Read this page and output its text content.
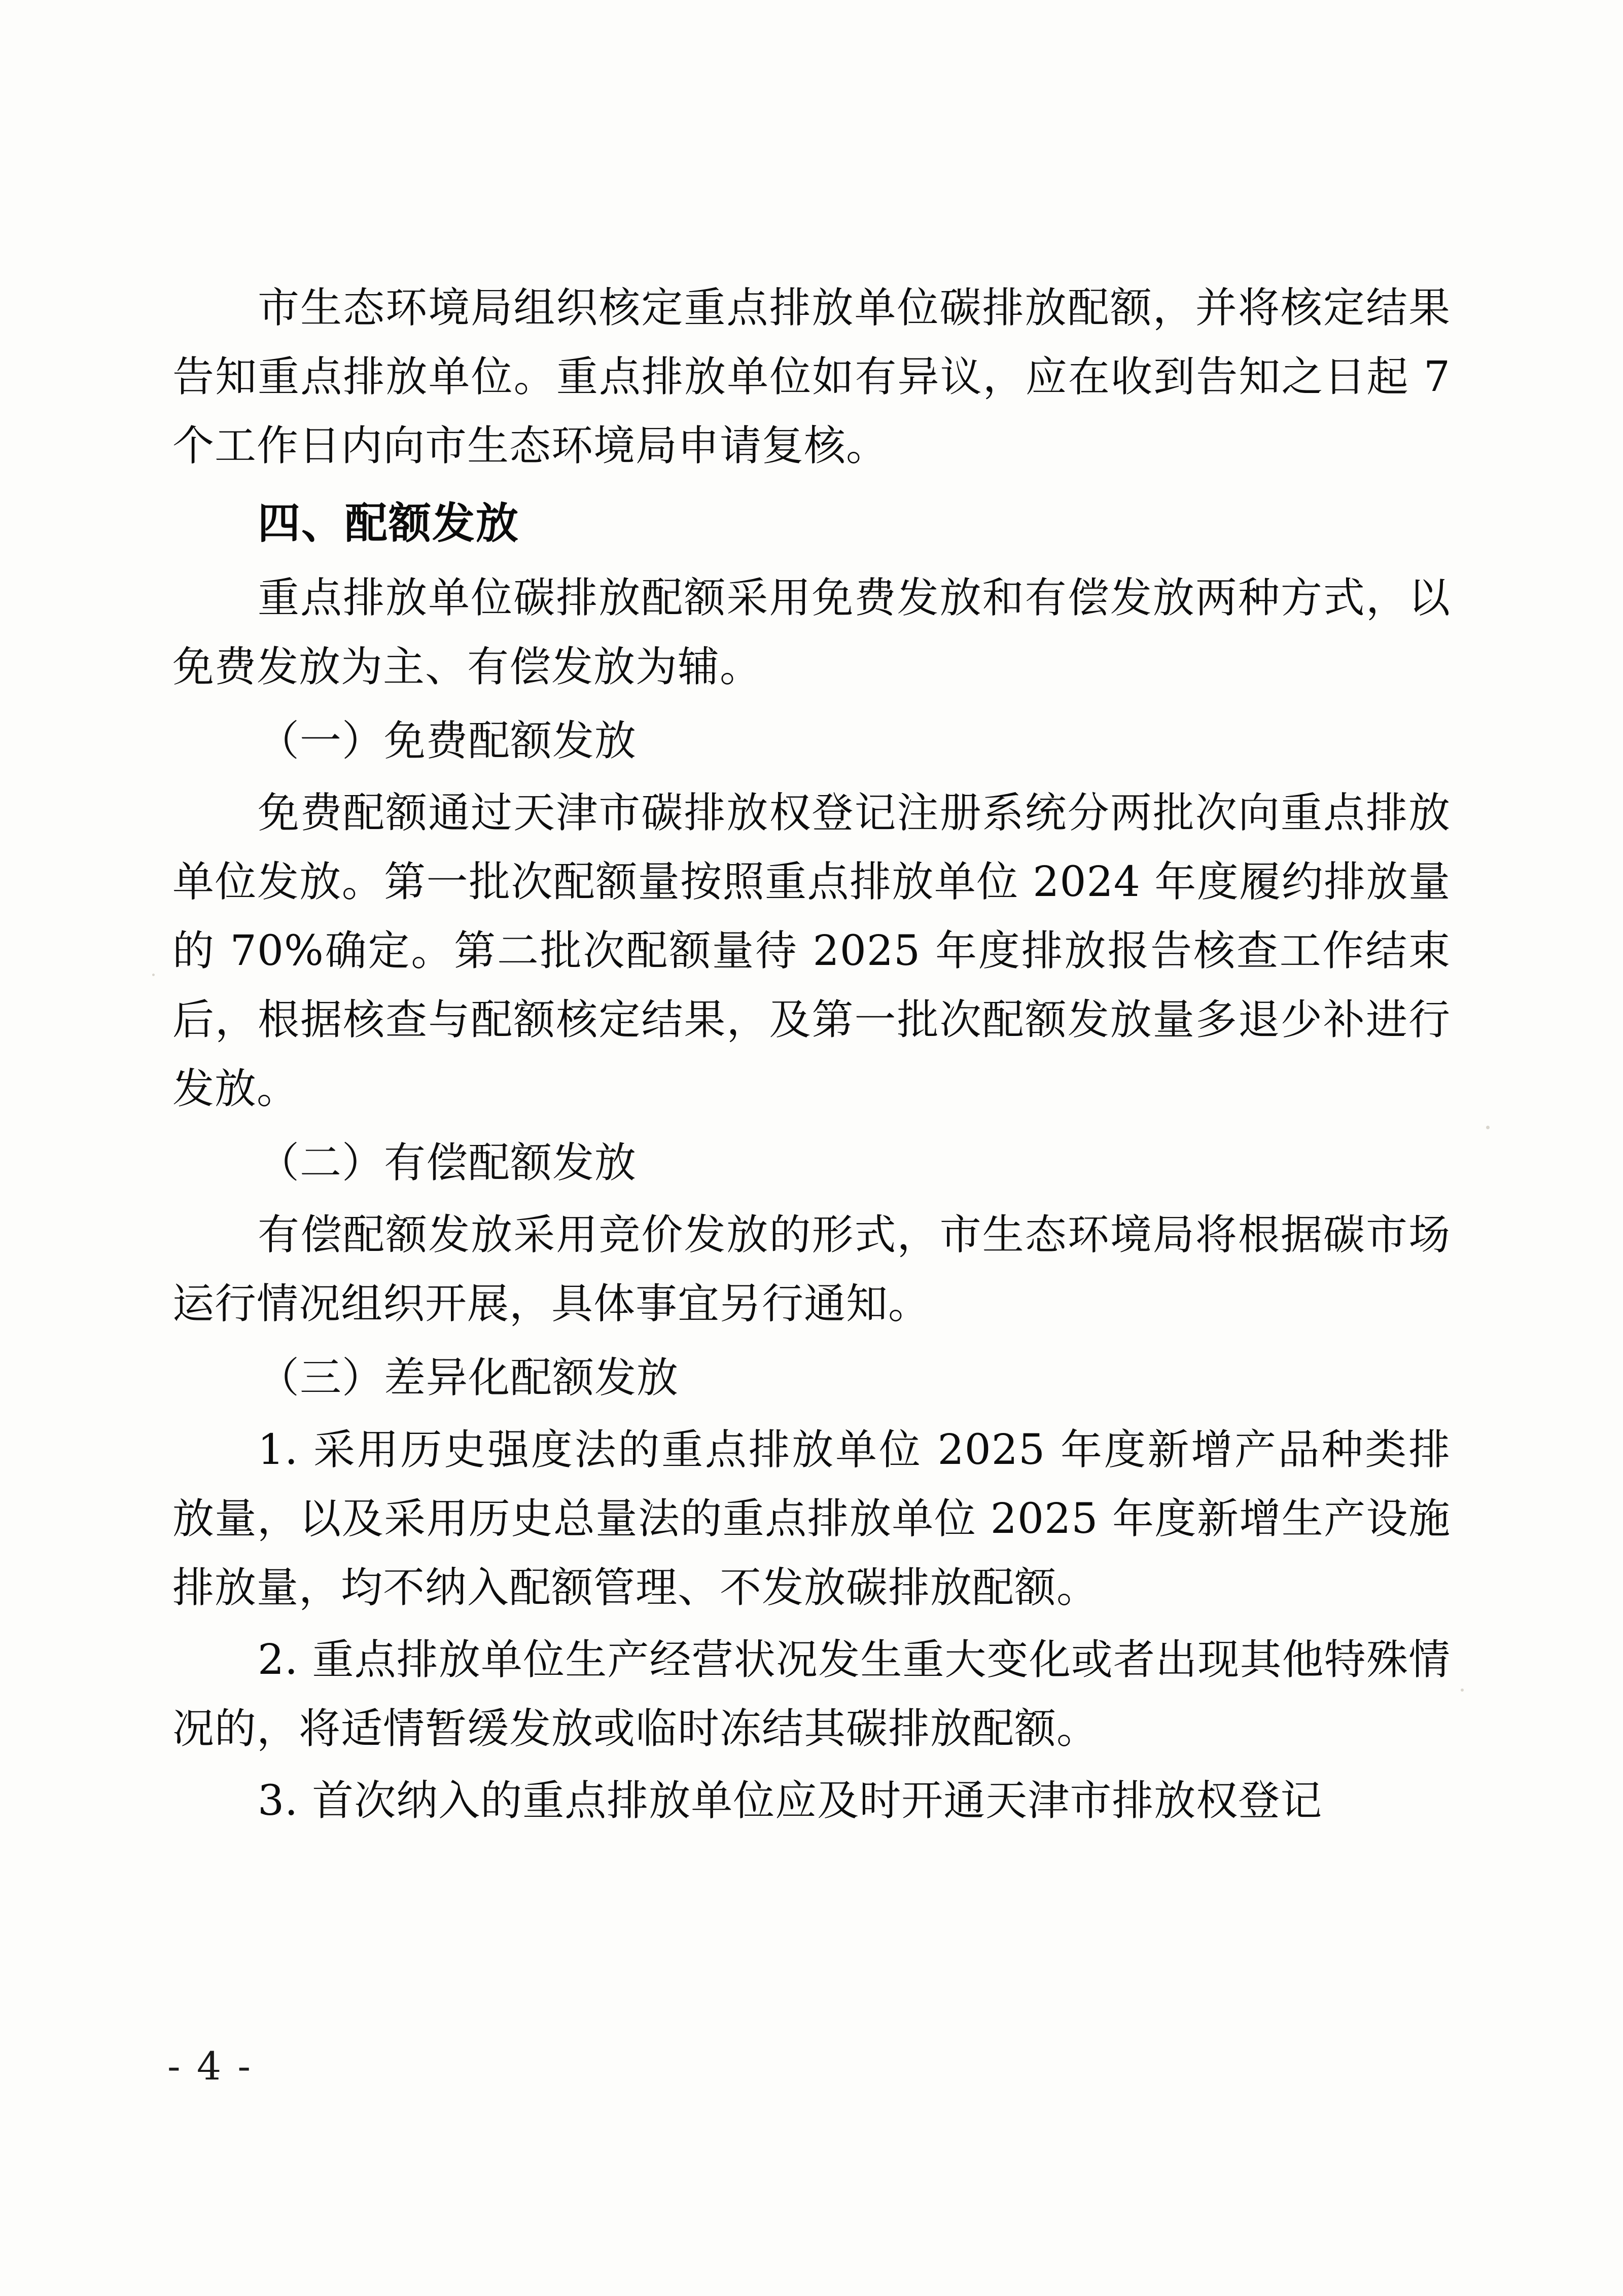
市生态环境局组织核定重点排放单位碳排放配额，并将核定结果告知重点排放单位。重点排放单位如有异议，应在收到告知之日起 7 个工作日内向市生态环境局申请复核。

四、配额发放

重点排放单位碳排放配额采用免费发放和有偿发放两种方式，以免费发放为主、有偿发放为辅。

（一）免费配额发放

免费配额通过天津市碳排放权登记注册系统分两批次向重点排放单位发放。第一批次配额量按照重点排放单位 2024 年度履约排放量的 70%确定。第二批次配额量待 2025 年度排放报告核查工作结束后，根据核查与配额核定结果，及第一批次配额发放量多退少补进行发放。

（二）有偿配额发放

有偿配额发放采用竞价发放的形式，市生态环境局将根据碳市场运行情况组织开展，具体事宜另行通知。

（三）差异化配额发放

1. 采用历史强度法的重点排放单位 2025 年度新增产品种类排放量，以及采用历史总量法的重点排放单位 2025 年度新增生产设施排放量，均不纳入配额管理、不发放碳排放配额。

2. 重点排放单位生产经营状况发生重大变化或者出现其他特殊情况的，将适情暂缓发放或临时冻结其碳排放配额。

3. 首次纳入的重点排放单位应及时开通天津市排放权登记

- 4 -
